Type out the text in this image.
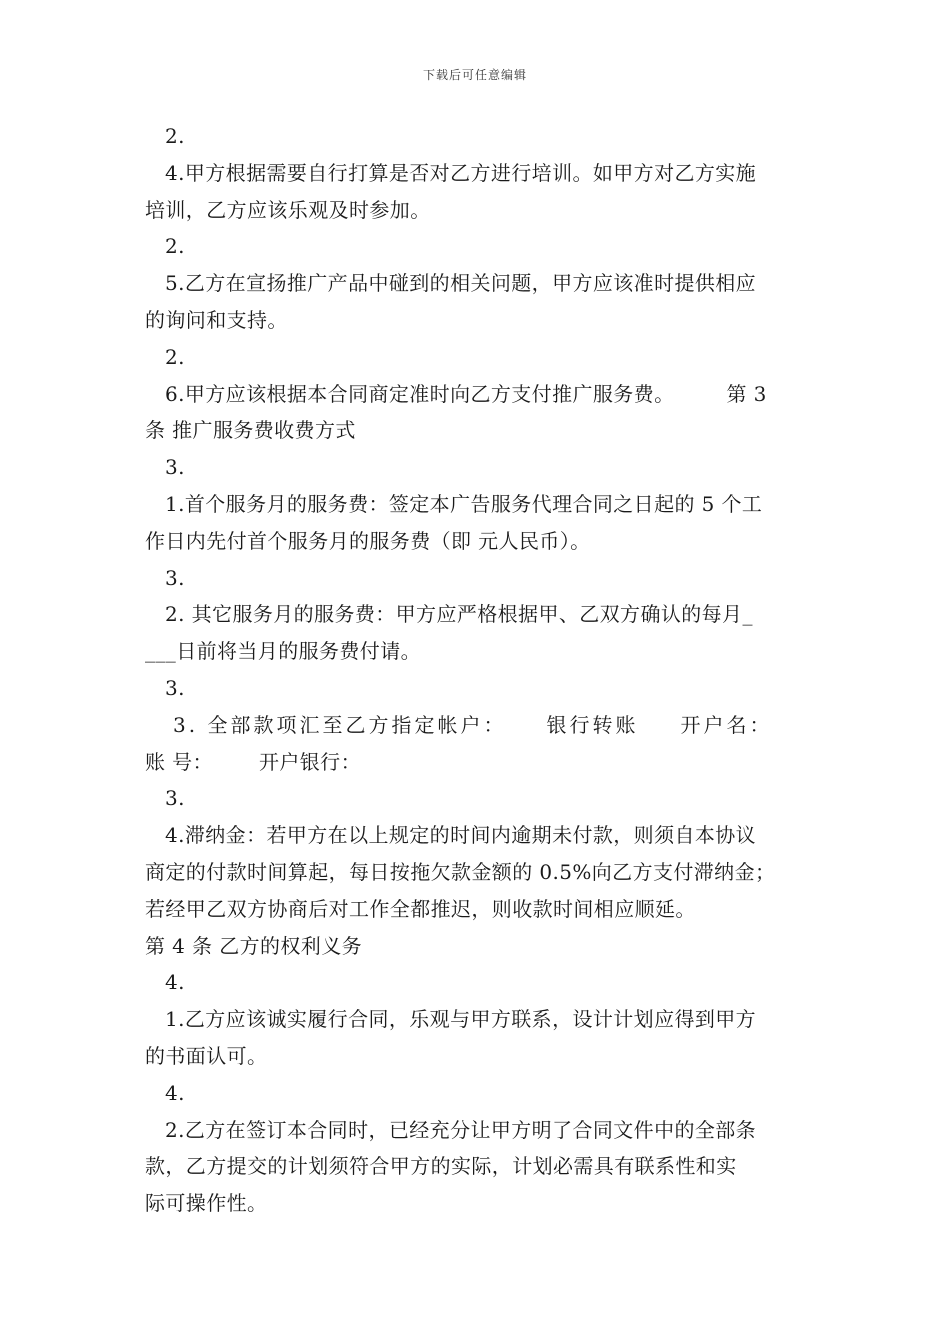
下载后可任意编辑
2.
4.甲方根据需要自行打算是否对乙方进行培训。如甲方对乙方实施
培训，乙方应该乐观及时参加。
2.
5.乙方在宣扬推广产品中碰到的相关问题，甲方应该准时提供相应
的询问和支持。
2.
6.甲方应该根据本合同商定准时向乙方支付推广服务费。	第 3
条 推广服务费收费方式
3.
1.首个服务月的服务费：签定本广告服务代理合同之日起的 5 个工
作日内先付首个服务月的服务费（即 元人民币）。
3.
2. 其它服务月的服务费：甲方应严格根据甲、乙双方确认的每月_
___日前将当月的服务费付请。
3.
3. 全部款项汇至乙方指定帐户： 银行转账 开户名：
账 号： 开户银行：
3.
4.滞纳金：若甲方在以上规定的时间内逾期未付款，则须自本协议
商定的付款时间算起，每日按拖欠款金额的 0.5%向乙方支付滞纳金；
若经甲乙双方协商后对工作全都推迟，则收款时间相应顺延。
第 4 条 乙方的权利义务
4.
1.乙方应该诚实履行合同，乐观与甲方联系，设计计划应得到甲方
的书面认可。
4.
2.乙方在签订本合同时，已经充分让甲方明了合同文件中的全部条
款，乙方提交的计划须符合甲方的实际，计划必需具有联系性和实
际可操作性。
